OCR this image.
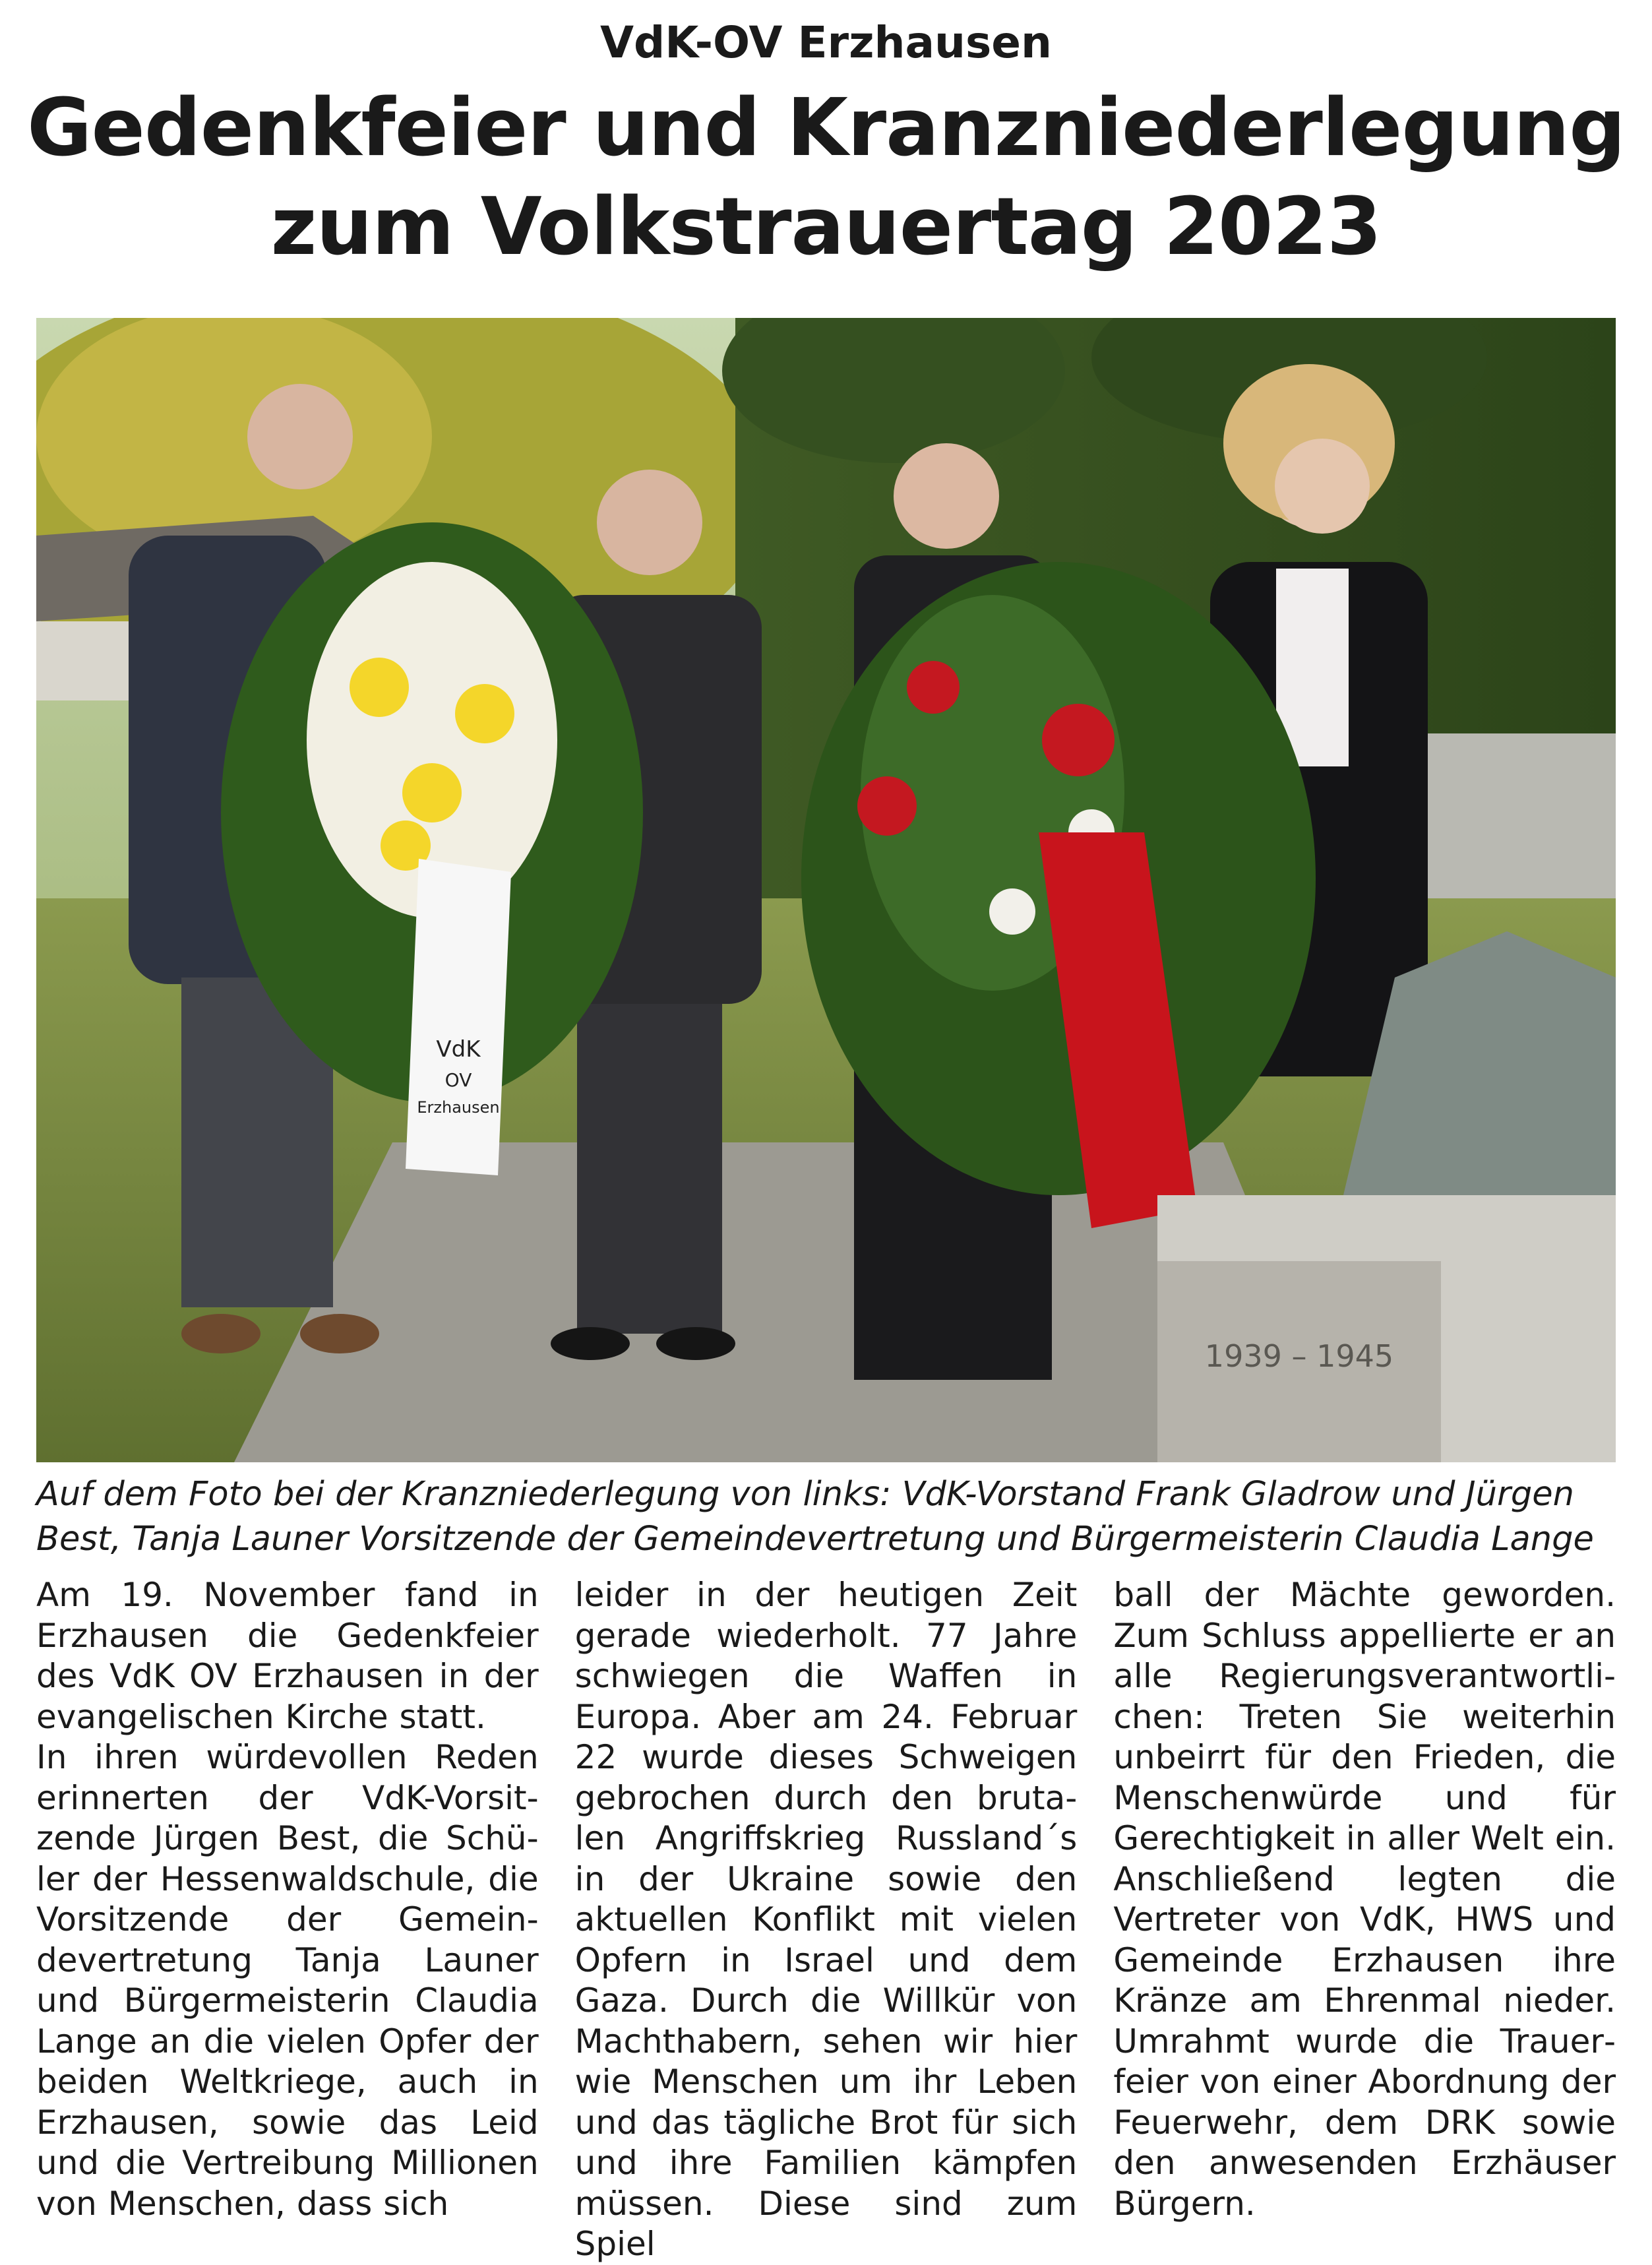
VdK-OV Erzhausen
Gedenkfeier und Kranzniederlegung
zum Volkstrauertag 2023
VdK
OV
Erzhausen
1939 – 1945
Auf dem Foto bei der Kranzniederlegung von links: VdK-Vorstand Frank Gladrow und Jürgen
Best, Tanja Launer Vorsitzende der Gemeindevertretung und Bürgermeisterin Claudia Lange

Am 19. November fand in Erzhausen die Gedenkfeier des VdK OV Erzhausen in der evangelischen Kirche statt.

In ihren würdevollen Reden erinnerten der VdK-Vorsitzende Jürgen Best, die Schüler der Hessenwaldschule, die Vorsitzende der Gemeindevertretung Tanja Launer und Bürgermeisterin Claudia Lange an die vielen Opfer der beiden Weltkriege, auch in Erzhausen, sowie das Leid und die Vertreibung Millionen von Menschen, dass sich

leider in der heutigen Zeit gerade wiederholt. 77 Jahre schwiegen die Waffen in Europa. Aber am 24. Februar 22 wurde dieses Schweigen gebrochen durch den brutalen Angriffskrieg Russland´s in der Ukraine sowie den aktuellen Konflikt mit vielen Opfern in Israel und dem Gaza. Durch die Willkür von Machthabern, sehen wir hier wie Menschen um ihr Leben und das tägliche Brot für sich und ihre Familien kämpfen müssen. Diese sind zum Spiel

ball der Mächte geworden. Zum Schluss appellierte er an alle Regierungsverantwortlichen: Treten Sie weiterhin unbeirrt für den Frieden, die Menschenwürde und für Gerechtigkeit in aller Welt ein. Anschließend legten die Vertreter von VdK, HWS und Gemeinde Erzhausen ihre Kränze am Ehrenmal nieder. Umrahmt wurde die Trauerfeier von einer Abordnung der Feuerwehr, dem DRK sowie den anwesenden Erzhäuser Bürgern.
